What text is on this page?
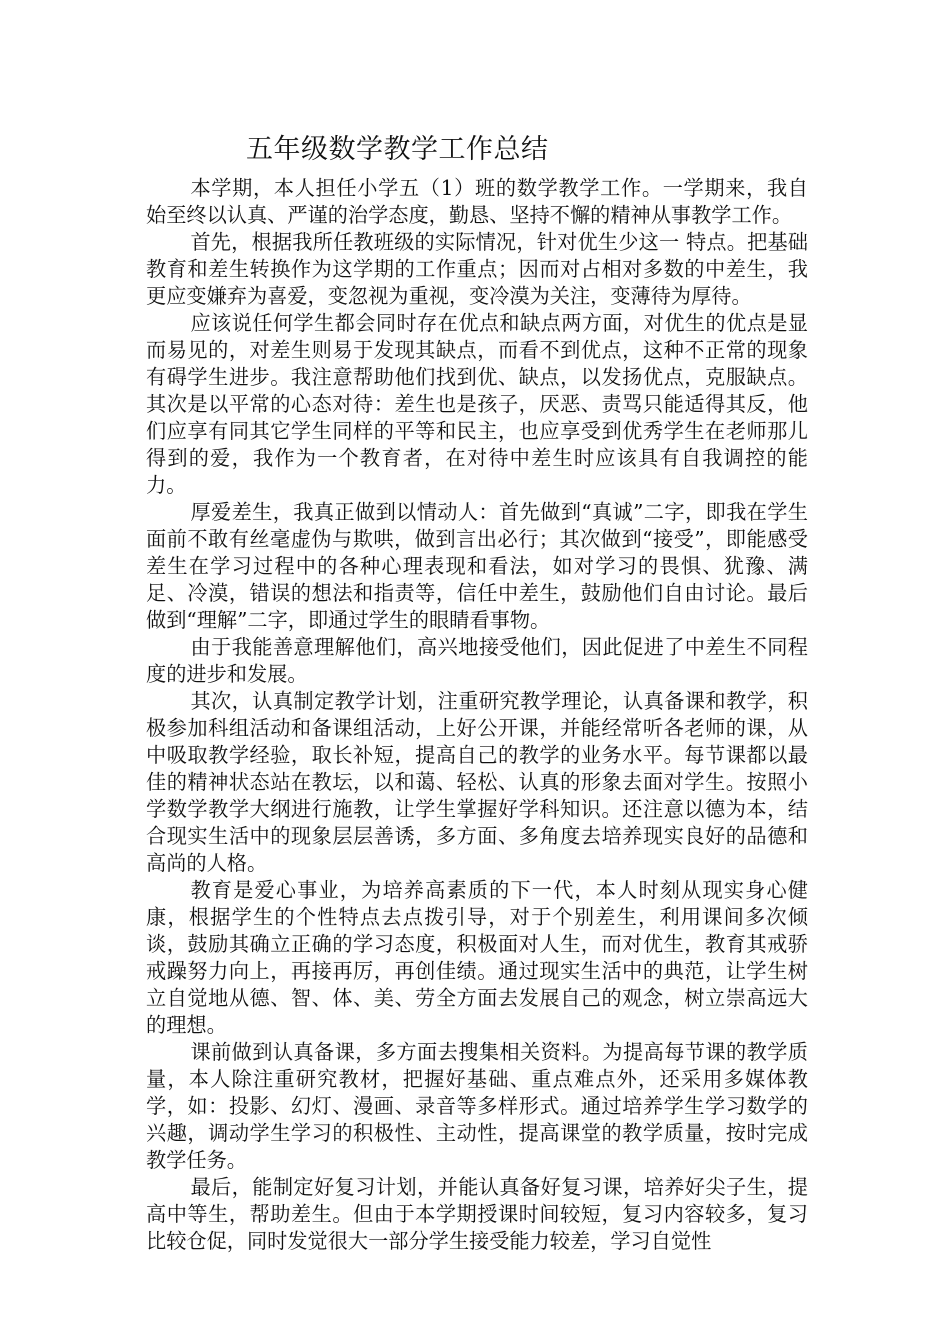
五年级数学教学工作总结

本学期，本人担任小学五（1）班的数学教学工作。一学期来，我自始至终以认真、严谨的治学态度，勤恳、坚持不懈的精神从事教学工作。

首先，根据我所任教班级的实际情况，针对优生少这一 特点。把基础教育和差生转换作为这学期的工作重点；因而对占相对多数的中差生，我更应变嫌弃为喜爱，变忽视为重视，变冷漠为关注，变薄待为厚待。

应该说任何学生都会同时存在优点和缺点两方面，对优生的优点是显而易见的，对差生则易于发现其缺点，而看不到优点，这种不正常的现象有碍学生进步。我注意帮助他们找到优、缺点，以发扬优点，克服缺点。其次是以平常的心态对待：差生也是孩子，厌恶、责骂只能适得其反，他们应享有同其它学生同样的平等和民主，也应享受到优秀学生在老师那儿得到的爱，我作为一个教育者，在对待中差生时应该具有自我调控的能力。

厚爱差生，我真正做到以情动人：首先做到“真诚”二字，即我在学生面前不敢有丝毫虚伪与欺哄，做到言出必行；其次做到“接受”，即能感受差生在学习过程中的各种心理表现和看法，如对学习的畏惧、犹豫、满足、冷漠，错误的想法和指责等，信任中差生，鼓励他们自由讨论。最后做到“理解”二字，即通过学生的眼睛看事物。

由于我能善意理解他们，高兴地接受他们，因此促进了中差生不同程度的进步和发展。

其次，认真制定教学计划，注重研究教学理论，认真备课和教学，积极参加科组活动和备课组活动，上好公开课，并能经常听各老师的课，从中吸取教学经验，取长补短，提高自己的教学的业务水平。每节课都以最佳的精神状态站在教坛，以和蔼、轻松、认真的形象去面对学生。按照小学数学教学大纲进行施教，让学生掌握好学科知识。还注意以德为本，结合现实生活中的现象层层善诱，多方面、多角度去培养现实良好的品德和高尚的人格。

教育是爱心事业，为培养高素质的下一代，本人时刻从现实身心健康，根据学生的个性特点去点拨引导，对于个别差生，利用课间多次倾谈，鼓励其确立正确的学习态度，积极面对人生，而对优生，教育其戒骄戒躁努力向上，再接再厉，再创佳绩。通过现实生活中的典范，让学生树立自觉地从德、智、体、美、劳全方面去发展自己的观念，树立崇高远大的理想。

课前做到认真备课，多方面去搜集相关资料。为提高每节课的教学质量，本人除注重研究教材，把握好基础、重点难点外，还采用多媒体教学，如：投影、幻灯、漫画、录音等多样形式。通过培养学生学习数学的兴趣，调动学生学习的积极性、主动性，提高课堂的教学质量，按时完成教学任务。

最后，能制定好复习计划，并能认真备好复习课，培养好尖子生，提高中等生，帮助差生。但由于本学期授课时间较短，复习内容较多，复习比较仓促，同时发觉很大一部分学生接受能力较差，学习自觉性
